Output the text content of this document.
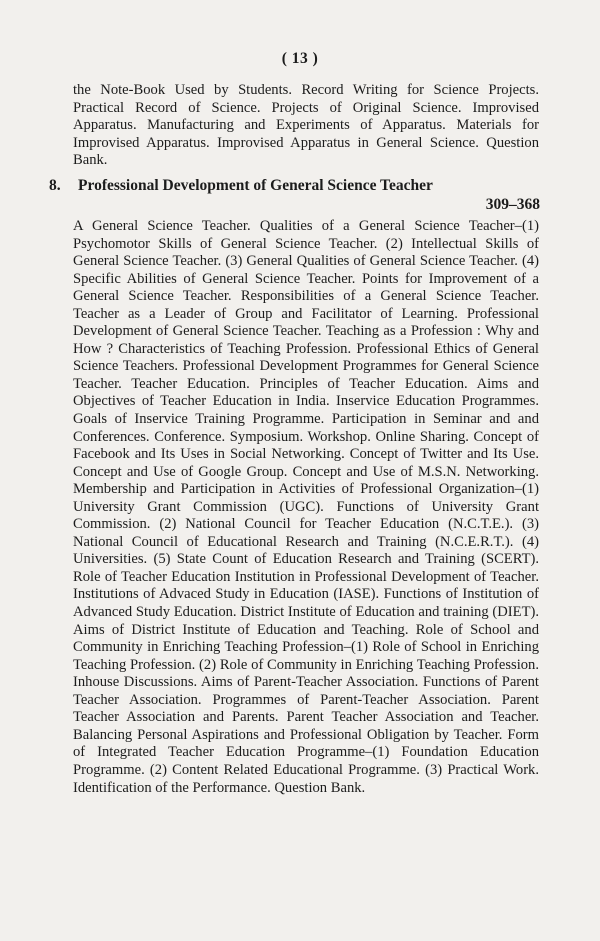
( 13 )
the Note-Book Used by Students. Record Writing for Science Projects. Practical Record of Science. Projects of Original Science. Improvised Apparatus. Manufacturing and Experiments of Apparatus. Materials for Improvised Apparatus. Improvised Apparatus in General Science. Question Bank.
8. Professional Development of General Science Teacher
309–368
A General Science Teacher. Qualities of a General Science Teacher–(1) Psychomotor Skills of General Science Teacher. (2) Intellectual Skills of General Science Teacher. (3) General Qualities of General Science Teacher. (4) Specific Abilities of General Science Teacher. Points for Improvement of a General Science Teacher. Responsibilities of a General Science Teacher. Teacher as a Leader of Group and Facilitator of Learning. Professional Development of General Science Teacher. Teaching as a Profession : Why and How ? Characteristics of Teaching Profession. Professional Ethics of General Science Teachers. Professional Development Programmes for General Science Teacher. Teacher Education. Principles of Teacher Education. Aims and Objectives of Teacher Education in India. Inservice Education Programmes. Goals of Inservice Training Programme. Participation in Seminar and and Conferences. Conference. Symposium. Workshop. Online Sharing. Concept of Facebook and Its Uses in Social Networking. Concept of Twitter and Its Use. Concept and Use of Google Group. Concept and Use of M.S.N. Networking. Membership and Participation in Activities of Professional Organization–(1) University Grant Commission (UGC). Functions of University Grant Commission. (2) National Council for Teacher Education (N.C.T.E.). (3) National Council of Educational Research and Training (N.C.E.R.T.). (4) Universities. (5) State Count of Education Research and Training (SCERT). Role of Teacher Education Institution in Professional Development of Teacher. Institutions of Advaced Study in Education (IASE). Functions of Institution of Advanced Study Education. District Institute of Education and training (DIET). Aims of District Institute of Education and Teaching. Role of School and Community in Enriching Teaching Profession–(1) Role of School in Enriching Teaching Profession. (2) Role of Community in Enriching Teaching Profession. Inhouse Discussions. Aims of Parent-Teacher Association. Functions of Parent Teacher Association. Programmes of Parent-Teacher Association. Parent Teacher Association and Parents. Parent Teacher Association and Teacher. Balancing Personal Aspirations and Professional Obligation by Teacher. Form of Integrated Teacher Education Programme–(1) Foundation Education Programme. (2) Content Related Educational Programme. (3) Practical Work. Identification of the Performance. Question Bank.
